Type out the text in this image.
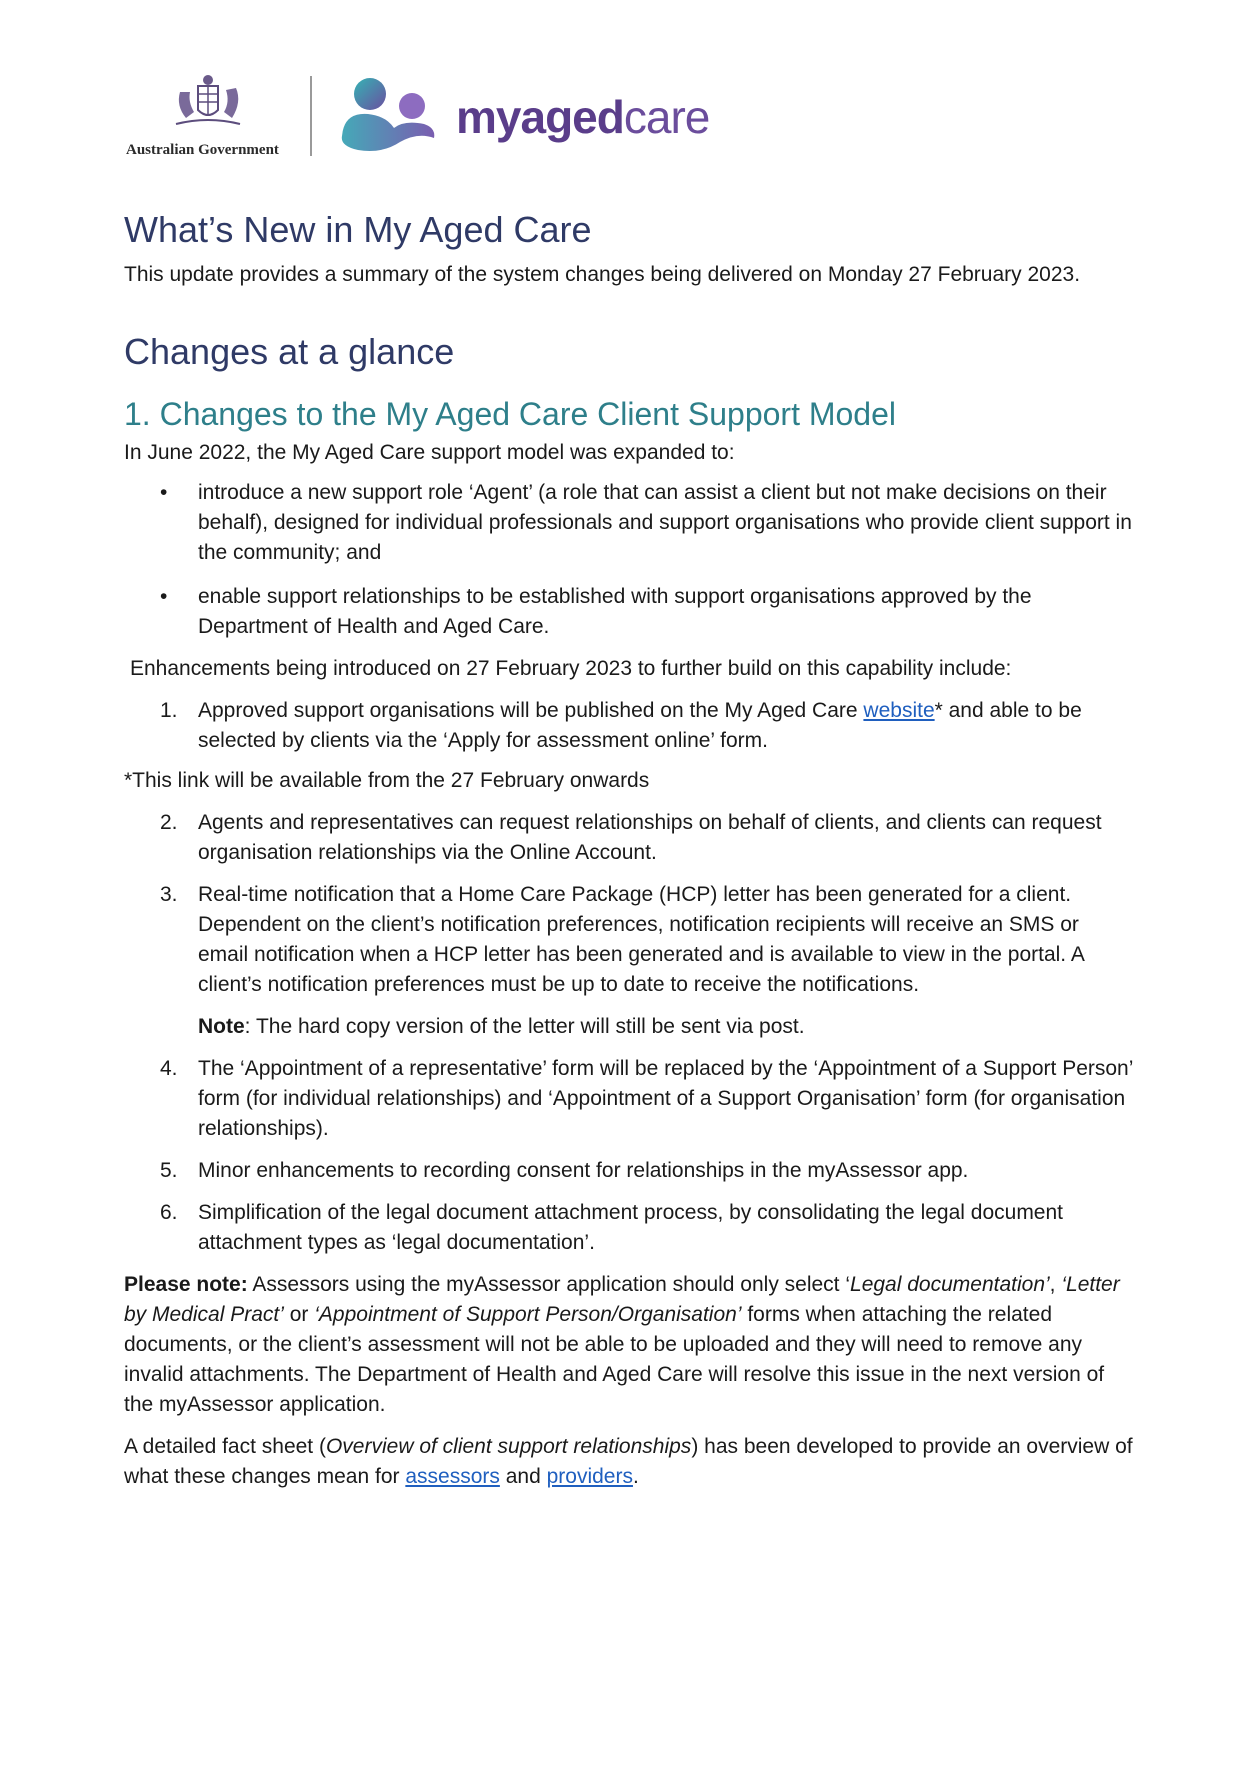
Australian Government
myagedcare
What’s New in My Aged Care

This update provides a summary of the system changes being delivered on Monday 27 February 2023.

Changes at a glance
1. Changes to the My Aged Care Client Support Model

In June 2022, the My Aged Care support model was expanded to:

• introduce a new support role ‘Agent’ (a role that can assist a client but not make decisions on their behalf), designed for individual professionals and support organisations who provide client support in the community; and
• enable support relationships to be established with support organisations approved by the Department of Health and Aged Care.

Enhancements being introduced on 27 February 2023 to further build on this capability include:

1. Approved support organisations will be published on the My Aged Care website* and able to be selected by clients via the ‘Apply for assessment online’ form.

*This link will be available from the 27 February onwards

2. Agents and representatives can request relationships on behalf of clients, and clients can request organisation relationships via the Online Account.
3. Real-time notification that a Home Care Package (HCP) letter has been generated for a client. Dependent on the client’s notification preferences, notification recipients will receive an SMS or email notification when a HCP letter has been generated and is available to view in the portal. A client’s notification preferences must be up to date to receive the notifications.
Note: The hard copy version of the letter will still be sent via post.
4. The ‘Appointment of a representative’ form will be replaced by the ‘Appointment of a Support Person’ form (for individual relationships) and ‘Appointment of a Support Organisation’ form (for organisation relationships).
5. Minor enhancements to recording consent for relationships in the myAssessor app.
6. Simplification of the legal document attachment process, by consolidating the legal document attachment types as ‘legal documentation’.

Please note: Assessors using the myAssessor application should only select ‘Legal documentation’, ‘Letter by Medical Pract’ or ‘Appointment of Support Person/Organisation’ forms when attaching the related documents, or the client’s assessment will not be able to be uploaded and they will need to remove any invalid attachments. The Department of Health and Aged Care will resolve this issue in the next version of the myAssessor application.

A detailed fact sheet (Overview of client support relationships) has been developed to provide an overview of what these changes mean for assessors and providers.
